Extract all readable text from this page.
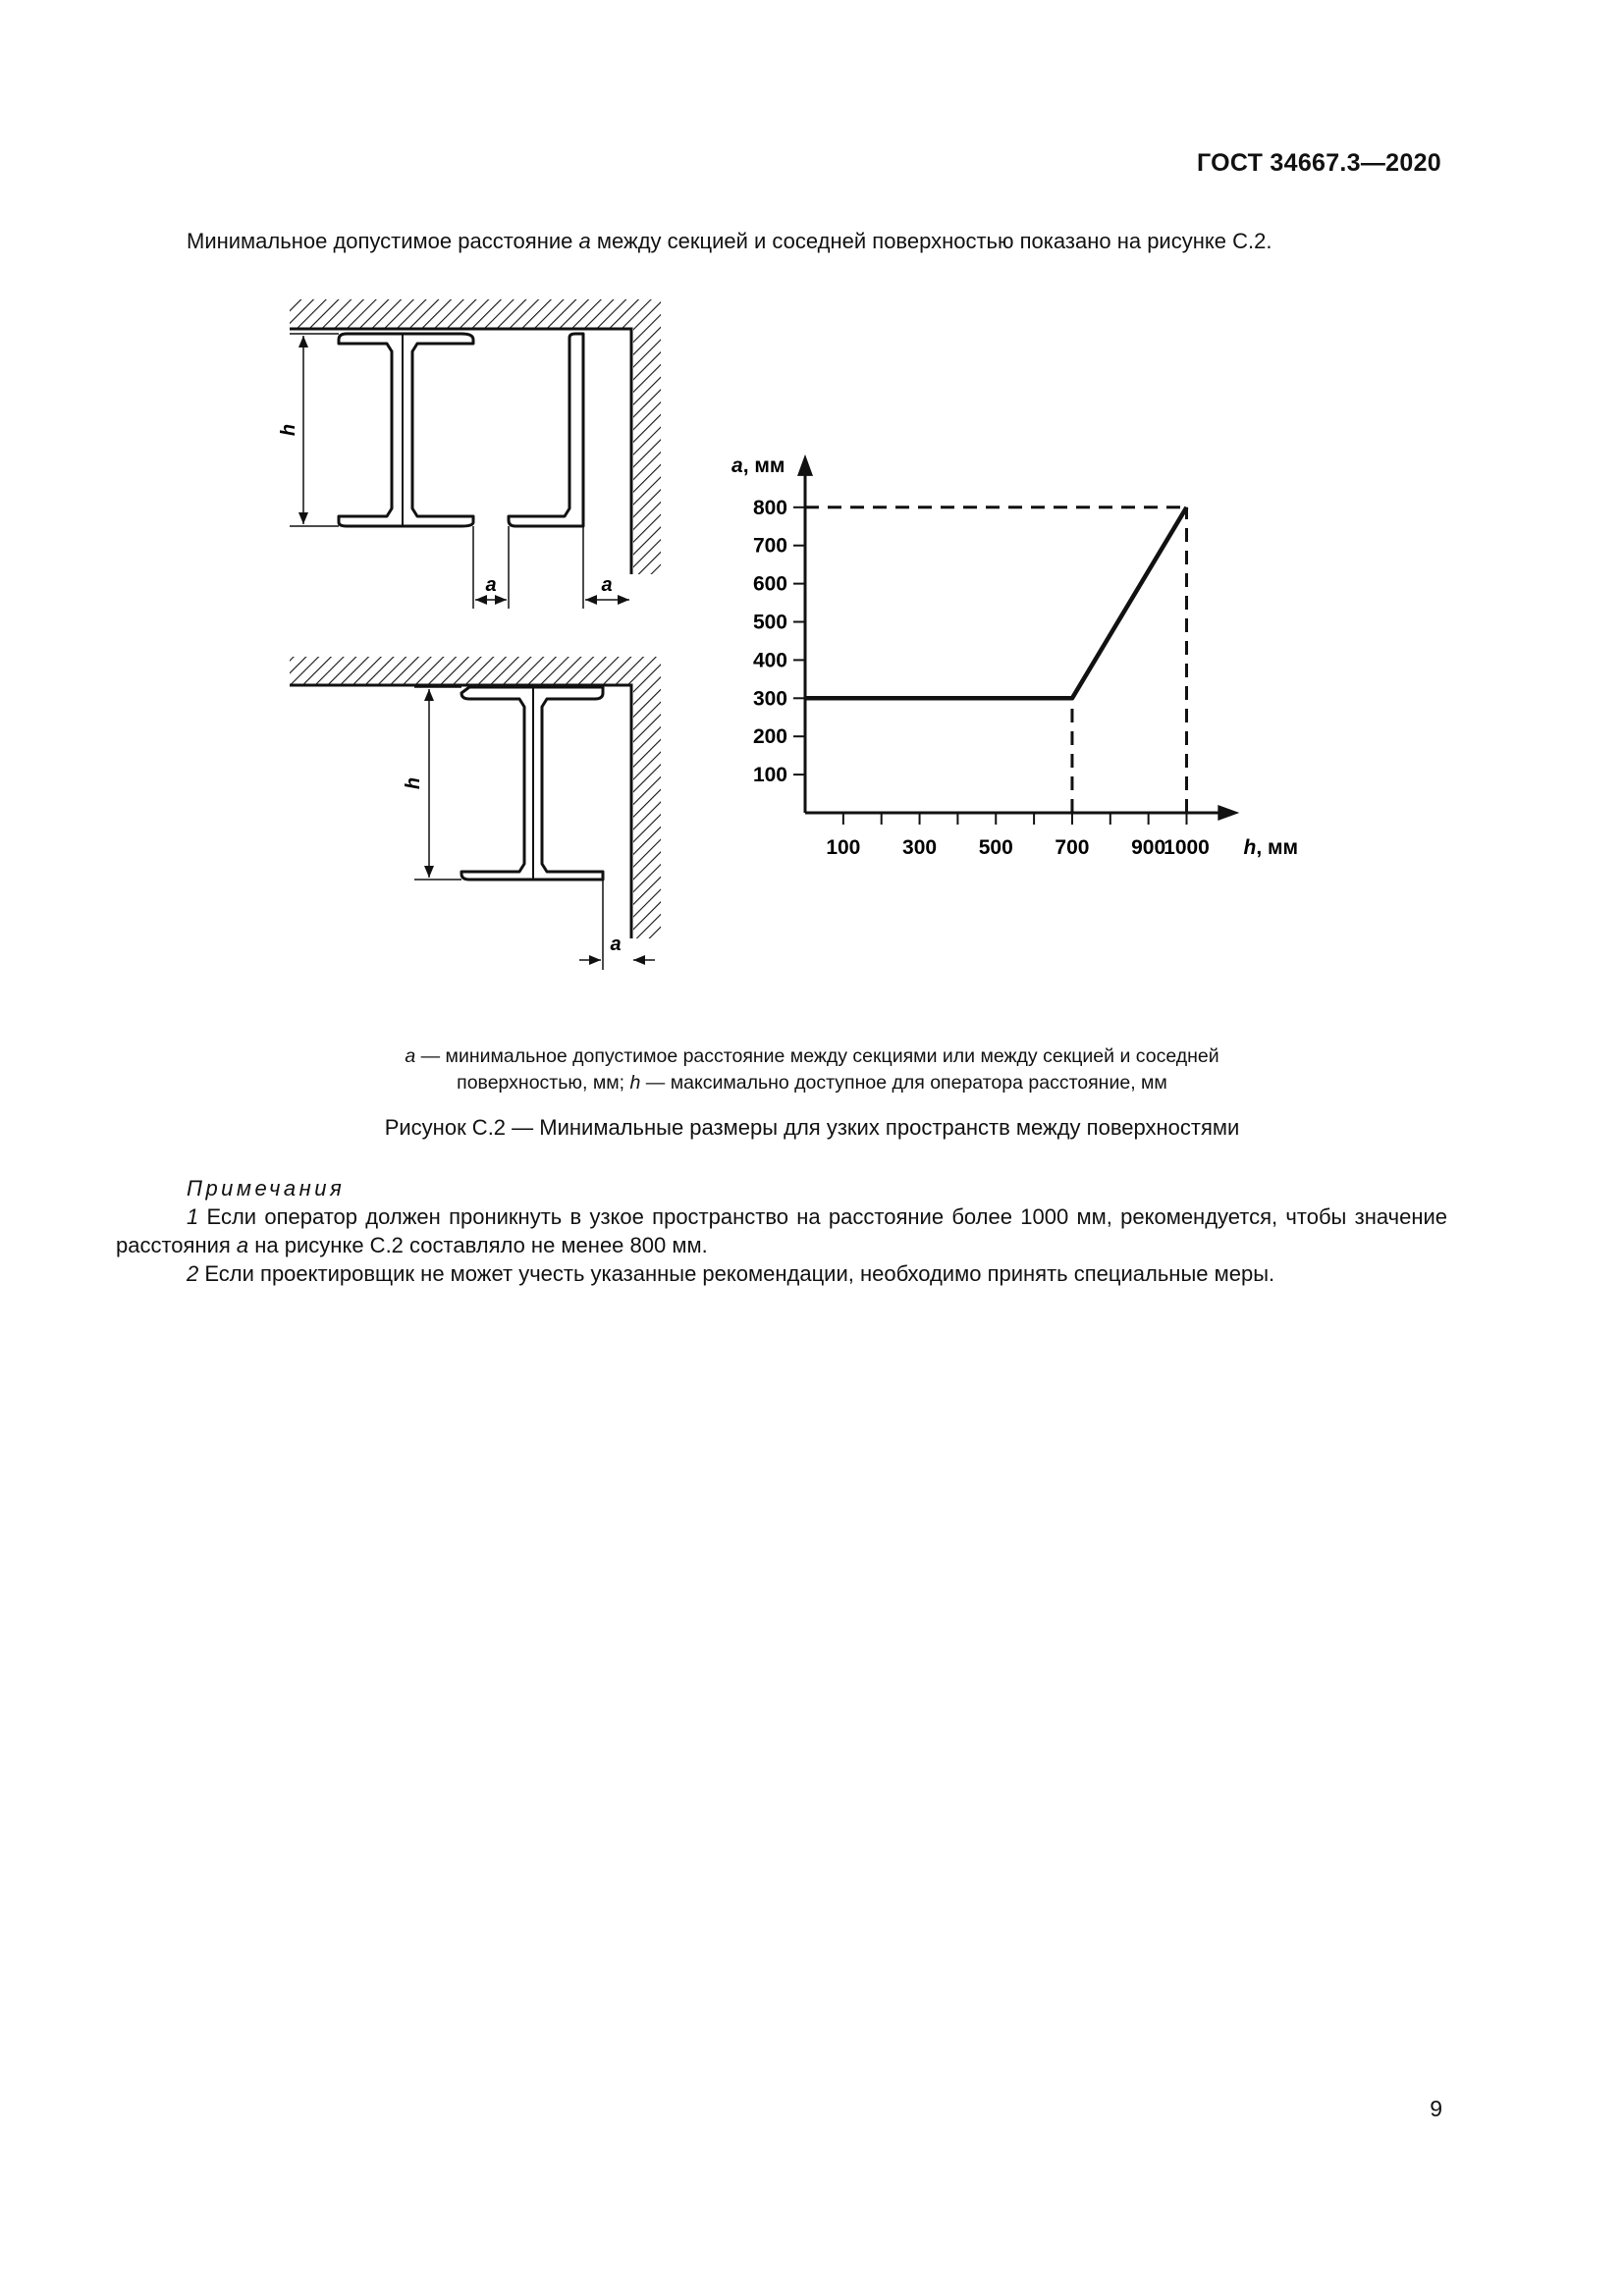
ГОСТ 34667.3—2020
Минимальное допустимое расстояние a между секцией и соседней поверхностью показано на рисунке С.2.
h
a	a
h
a
100
200
300
400
500
600
700
800
100 300 500 700 900
1000
a, мм
h, мм
a — минимальное допустимое расстояние между секциями или между секцией и соседней
поверхностью, мм; h — максимально доступное для оператора расстояние, мм
Рисунок С.2 — Минимальные размеры для узких пространств между поверхностями
Примечания
1 Если оператор должен проникнуть в узкое пространство на расстояние более 1000 мм, рекомендуется, чтобы значение расстояния a на рисунке С.2 составляло не менее 800 мм.
2 Если проектировщик не может учесть указанные рекомендации, необходимо принять специальные меры.
9
